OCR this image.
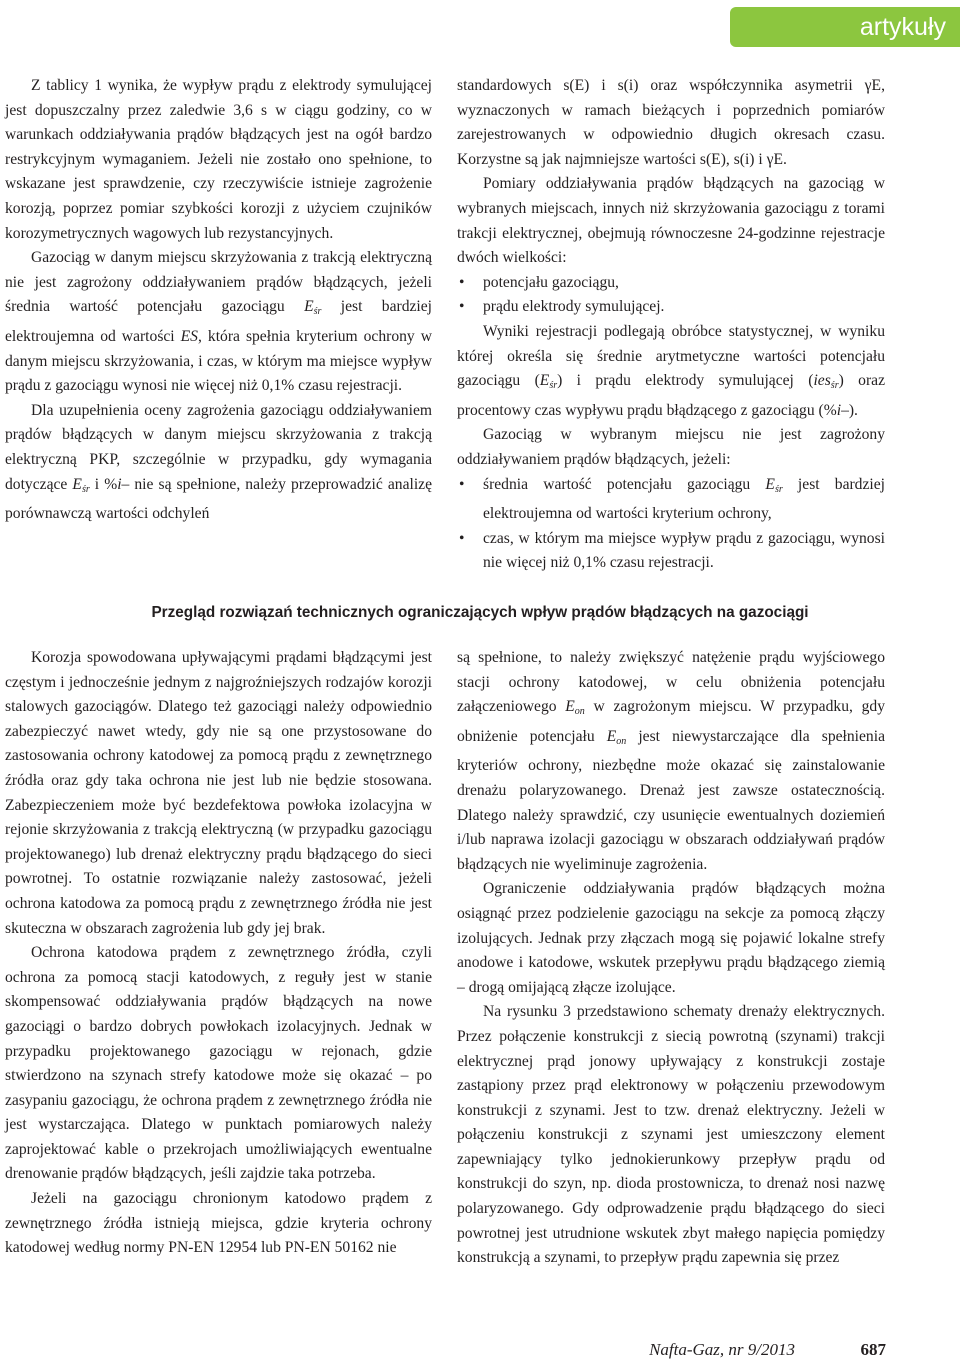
artykuły

Z tablicy 1 wynika, że wypływ prądu z elektrody symulującej jest dopuszczalny przez zaledwie 3,6 s w ciągu godziny, co w warunkach oddziaływania prądów błądzących jest na ogół bardzo restrykcyjnym wymaganiem. Jeżeli nie zostało ono spełnione, to wskazane jest sprawdzenie, czy rzeczywiście istnieje zagrożenie korozją, poprzez pomiar szybkości korozji z użyciem czujników korozymetrycznych wagowych lub rezystancyjnych.

Gazociąg w danym miejscu skrzyżowania z trakcją elektryczną nie jest zagrożony oddziaływaniem prądów błądzących, jeżeli średnia wartość potencjału gazociągu $E_{śr}$ jest bardziej elektroujemna od wartości ES, która spełnia kryterium ochrony w danym miejscu skrzyżowania, i czas, w którym ma miejsce wypływ prądu z gazociągu wynosi nie więcej niż 0,1% czasu rejestracji.

Dla uzupełnienia oceny zagrożenia gazociągu oddziaływaniem prądów błądzących w danym miejscu skrzyżowania z trakcją elektryczną PKP, szczególnie w przypadku, gdy wymagania dotyczące $E_{śr}$ i %i– nie są spełnione, należy przeprowadzić analizę porównawczą wartości odchyleń

standardowych s(E) i s(i) oraz współczynnika asymetrii γE, wyznaczonych w ramach bieżących i poprzednich pomiarów zarejestrowanych w odpowiednio długich okresach czasu. Korzystne są jak najmniejsze wartości s(E), s(i) i γE.

Pomiary oddziaływania prądów błądzących na gazociąg w wybranych miejscach, innych niż skrzyżowania gazociągu z torami trakcji elektrycznej, obejmują równoczesne 24-godzinne rejestracje dwóch wielkości:

• potencjału gazociągu,
• prądu elektrody symulującej.

Wyniki rejestracji podlegają obróbce statystycznej, w wyniku której określa się średnie arytmetyczne wartości potencjału gazociągu $(E_{śr})$ i prądu elektrody symulującej (ies$_{śr}$) oraz procentowy czas wypływu prądu błądzącego z gazociągu (%i–).

Gazociąg w wybranym miejscu nie jest zagrożony oddziaływaniem prądów błądzących, jeżeli:

• średnia wartość potencjału gazociągu $E_{śr}$ jest bardziej elektroujemna od wartości kryterium ochrony,
• czas, w którym ma miejsce wypływ prądu z gazociągu, wynosi nie więcej niż 0,1% czasu rejestracji.
Przegląd rozwiązań technicznych ograniczających wpływ prądów błądzących na gazociągi

Korozja spowodowana upływającymi prądami błądzącymi jest częstym i jednocześnie jednym z najgroźniejszych rodzajów korozji stalowych gazociągów. Dlatego też gazociągi należy odpowiednio zabezpieczyć nawet wtedy, gdy nie są one przystosowane do zastosowania ochrony katodowej za pomocą prądu z zewnętrznego źródła oraz gdy taka ochrona nie jest lub nie będzie stosowana. Zabezpieczeniem może być bezdefektowa powłoka izolacyjna w rejonie skrzyżowania z trakcją elektryczną (w przypadku gazociągu projektowanego) lub drenaż elektryczny prądu błądzącego do sieci powrotnej. To ostatnie rozwiązanie należy zastosować, jeżeli ochrona katodowa za pomocą prądu z zewnętrznego źródła nie jest skuteczna w obszarach zagrożenia lub gdy jej brak.

Ochrona katodowa prądem z zewnętrznego źródła, czyli ochrona za pomocą stacji katodowych, z reguły jest w stanie skompensować oddziaływania prądów błądzących na nowe gazociągi o bardzo dobrych powłokach izolacyjnych. Jednak w przypadku projektowanego gazociągu w rejonach, gdzie stwierdzono na szynach strefy katodowe może się okazać – po zasypaniu gazociągu, że ochrona prądem z zewnętrznego źródła nie jest wystarczająca. Dlatego w punktach pomiarowych należy zaprojektować kable o przekrojach umożliwiających ewentualne drenowanie prądów błądzących, jeśli zajdzie taka potrzeba.

Jeżeli na gazociągu chronionym katodowo prądem z zewnętrznego źródła istnieją miejsca, gdzie kryteria ochrony katodowej według normy PN-EN 12954 lub PN-EN 50162 nie

są spełnione, to należy zwiększyć natężenie prądu wyjściowego stacji ochrony katodowej, w celu obniżenia potencjału załączeniowego $E_{on}$ w zagrożonym miejscu. W przypadku, gdy obniżenie potencjału $E_{on}$ jest niewystarczające dla spełnienia kryteriów ochrony, niezbędne może okazać się zainstalowanie drenażu polaryzowanego. Drenaż jest zawsze ostatecznością. Dlatego należy sprawdzić, czy usunięcie ewentualnych doziemień i/lub naprawa izolacji gazociągu w obszarach oddziaływań prądów błądzących nie wyeliminuje zagrożenia.

Ograniczenie oddziaływania prądów błądzących można osiągnąć przez podzielenie gazociągu na sekcje za pomocą złączy izolujących. Jednak przy złączach mogą się pojawić lokalne strefy anodowe i katodowe, wskutek przepływu prądu błądzącego ziemią – drogą omijającą złącze izolujące.

Na rysunku 3 przedstawiono schematy drenaży elektrycznych. Przez połączenie konstrukcji z siecią powrotną (szynami) trakcji elektrycznej prąd jonowy upływający z konstrukcji zostaje zastąpiony przez prąd elektronowy w połączeniu przewodowym konstrukcji z szynami. Jest to tzw. drenaż elektryczny. Jeżeli w połączeniu konstrukcji z szynami jest umieszczony element zapewniający tylko jednokierunkowy przepływ prądu od konstrukcji do szyn, np. dioda prostownicza, to drenaż nosi nazwę polaryzowanego. Gdy odprowadzenie prądu błądzącego do sieci powrotnej jest utrudnione wskutek zbyt małego napięcia pomiędzy konstrukcją a szynami, to przepływ prądu zapewnia się przez

Nafta-Gaz, nr 9/2013	687
